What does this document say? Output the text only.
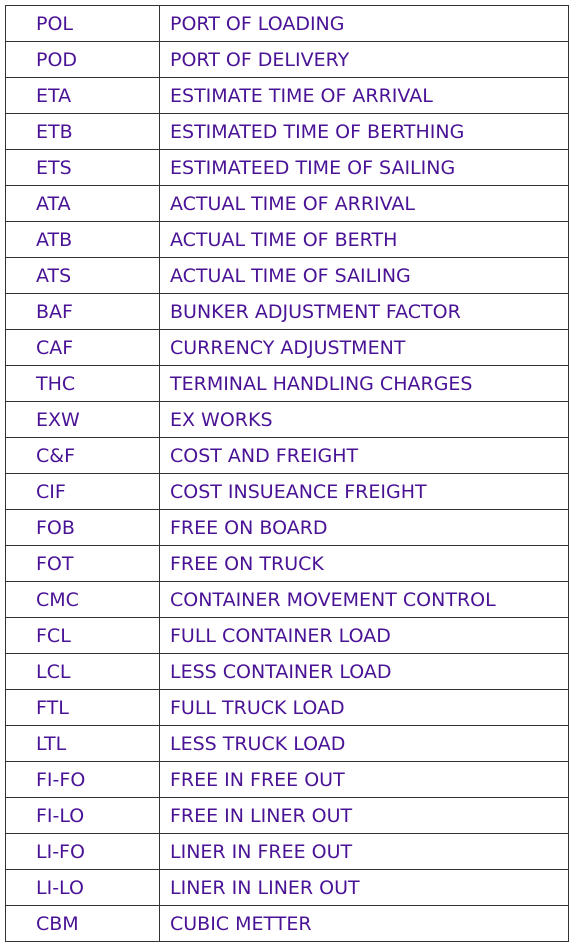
POL	PORT OF LOADING
POD	PORT OF DELIVERY
ETA	ESTIMATE TIME OF ARRIVAL
ETB	ESTIMATED TIME OF BERTHING
ETS	ESTIMATEED TIME OF SAILING
ATA	ACTUAL TIME OF ARRIVAL
ATB	ACTUAL TIME OF BERTH
ATS	ACTUAL TIME OF SAILING
BAF	BUNKER ADJUSTMENT FACTOR
CAF	CURRENCY ADJUSTMENT
THC	TERMINAL HANDLING CHARGES
EXW	EX WORKS
C&F	COST AND FREIGHT
CIF	COST INSUEANCE FREIGHT
FOB	FREE ON BOARD
FOT	FREE ON TRUCK
CMC	CONTAINER MOVEMENT CONTROL
FCL	FULL CONTAINER LOAD
LCL	LESS CONTAINER LOAD
FTL	FULL TRUCK LOAD
LTL	LESS TRUCK LOAD
FI-FO	FREE IN FREE OUT
FI-LO	FREE IN LINER OUT
LI-FO	LINER IN FREE OUT
LI-LO	LINER IN LINER OUT
CBM	CUBIC METTER
